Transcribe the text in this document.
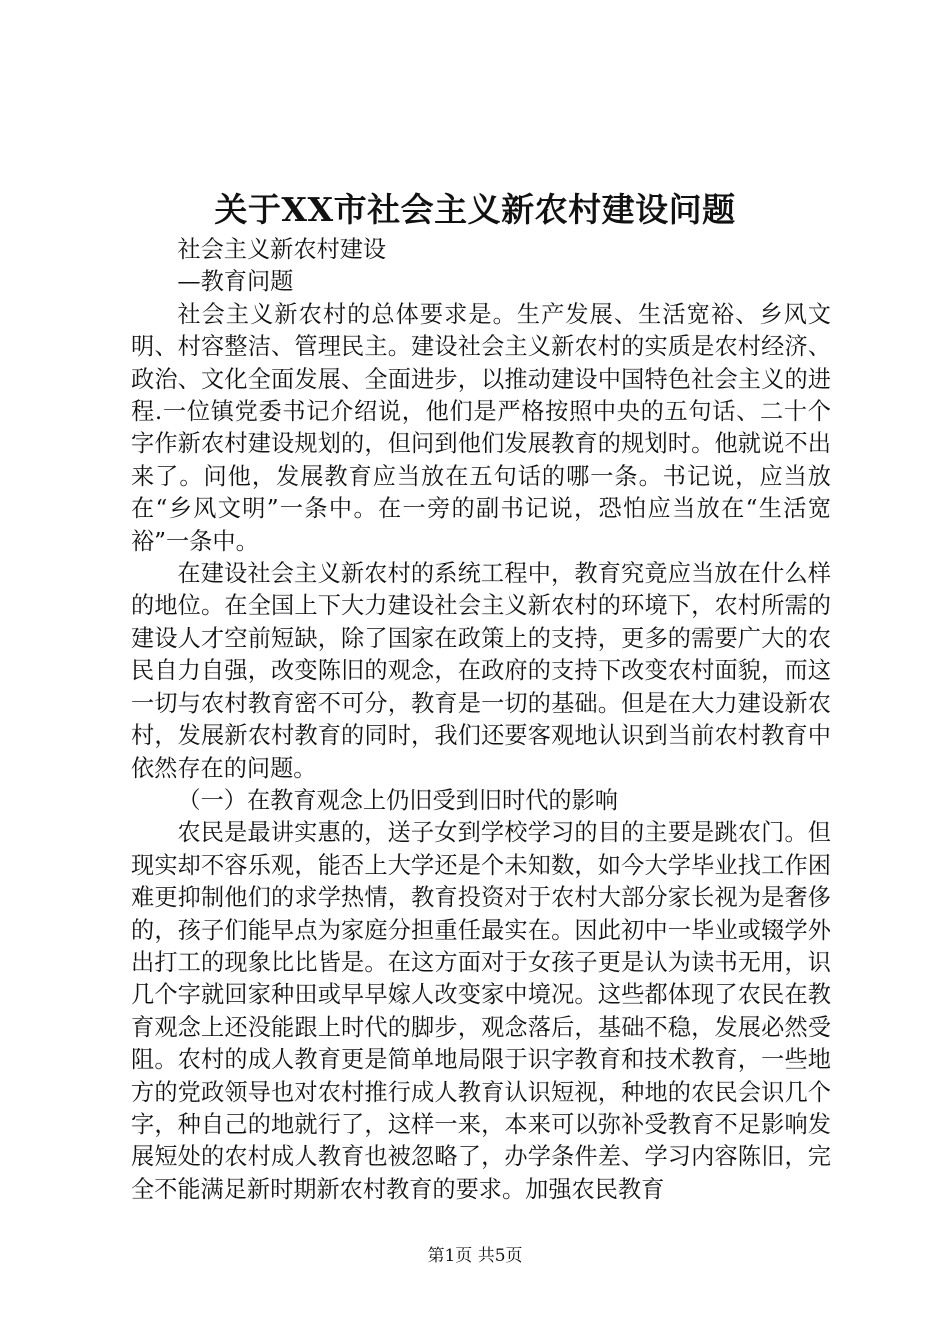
关于XX市社会主义新农村建设问题

社会主义新农村建设

—教育问题

社会主义新农村的总体要求是。生产发展、生活宽裕、乡风文明、村容整洁、管理民主。建设社会主义新农村的实质是农村经济、政治、文化全面发展、全面进步，以推动建设中国特色社会主义的进程.一位镇党委书记介绍说，他们是严格按照中央的五句话、二十个字作新农村建设规划的，但问到他们发展教育的规划时。他就说不出来了。问他，发展教育应当放在五句话的哪一条。书记说，应当放在“乡风文明”一条中。在一旁的副书记说，恐怕应当放在“生活宽裕”一条中。

在建设社会主义新农村的系统工程中，教育究竟应当放在什么样的地位。在全国上下大力建设社会主义新农村的环境下，农村所需的建设人才空前短缺，除了国家在政策上的支持，更多的需要广大的农民自力自强，改变陈旧的观念，在政府的支持下改变农村面貌，而这一切与农村教育密不可分，教育是一切的基础。但是在大力建设新农村，发展新农村教育的同时，我们还要客观地认识到当前农村教育中依然存在的问题。

（一）在教育观念上仍旧受到旧时代的影响

农民是最讲实惠的，送子女到学校学习的目的主要是跳农门。但现实却不容乐观，能否上大学还是个未知数，如今大学毕业找工作困难更抑制他们的求学热情，教育投资对于农村大部分家长视为是奢侈的，孩子们能早点为家庭分担重任最实在。因此初中一毕业或辍学外出打工的现象比比皆是。在这方面对于女孩子更是认为读书无用，识几个字就回家种田或早早嫁人改变家中境况。这些都体现了农民在教育观念上还没能跟上时代的脚步，观念落后，基础不稳，发展必然受阻。农村的成人教育更是简单地局限于识字教育和技术教育，一些地方的党政领导也对农村推行成人教育认识短视，种地的农民会识几个字，种自己的地就行了，这样一来，本来可以弥补受教育不足影响发展短处的农村成人教育也被忽略了，办学条件差、学习内容陈旧，完全不能满足新时期新农村教育的要求。加强农民教育

第1页 共5页
